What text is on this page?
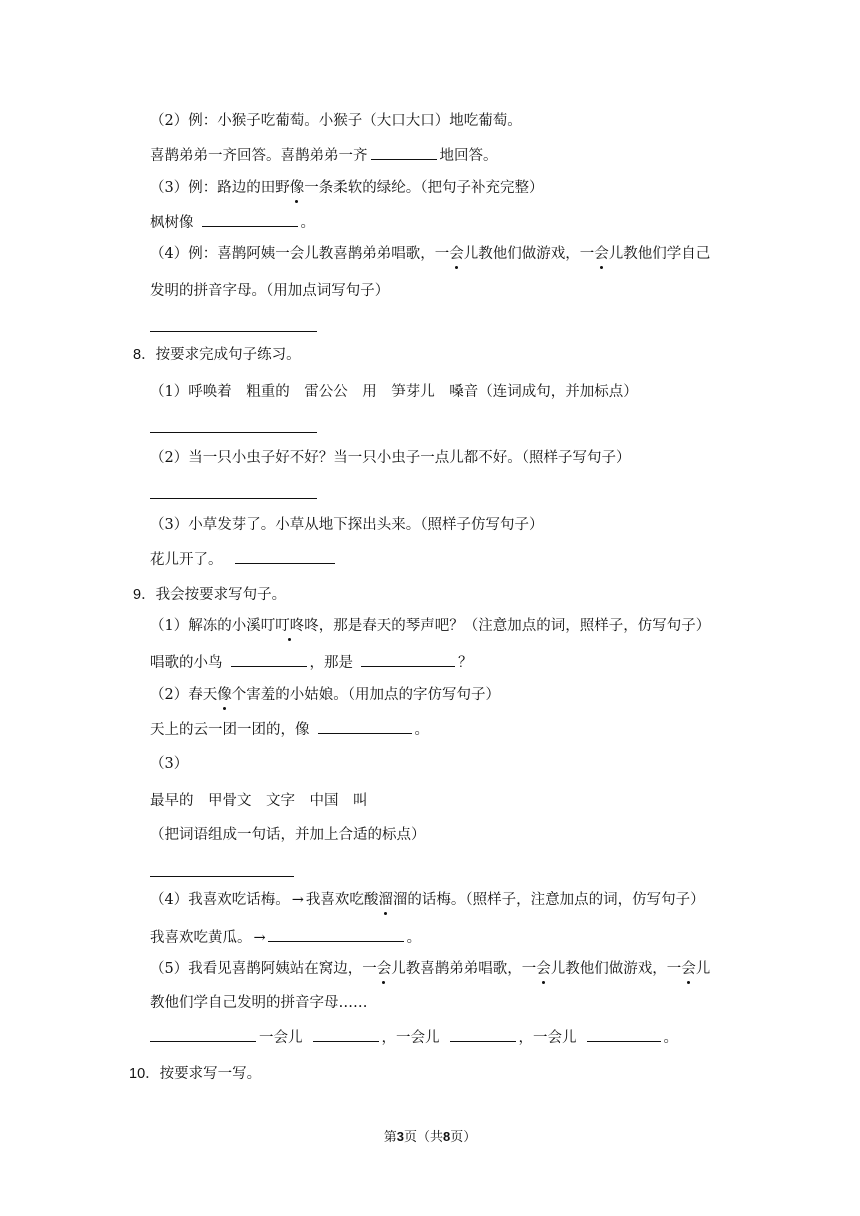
（2）例：小猴子吃葡萄。小猴子（大口大口）地吃葡萄。
喜鹊弟弟一齐回答。喜鹊弟弟一齐	地回答。
（3）例：路边的田野像一条柔软的绿纶。（把句子补充完整）
枫树像	。
（4）例：喜鹊阿姨一会儿教喜鹊弟弟唱歌，一会儿教他们做游戏，一会儿教他们学自己
发明的拼音字母。（用加点词写句子）
8．按要求完成句子练习。
（1）呼唤着　粗重的　雷公公　用　笋芽儿　嗓音（连词成句，并加标点）
（2）当一只小虫子好不好？当一只小虫子一点儿都不好。（照样子写句子）
（3）小草发芽了。小草从地下探出头来。（照样子仿写句子）
花儿开了。
9．我会按要求写句子。
（1）解冻的小溪叮叮咚咚，那是春天的琴声吧？（注意加点的词，照样子，仿写句子）
唱歌的小鸟	，那是	？
（2）春天像个害羞的小姑娘。（用加点的字仿写句子）
天上的云一团一团的，像	。
（3）
最早的　甲骨文　文字　中国　叫
（把词语组成一句话，并加上合适的标点）
（4）我喜欢吃话梅。 → 我喜欢吃酸溜溜的话梅。（照样子，注意加点的词，仿写句子）
我喜欢吃黄瓜。 →	。
（5）我看见喜鹊阿姨站在窝边，一会儿教喜鹊弟弟唱歌，一会儿教他们做游戏，一会儿
教他们学自己发明的拼音字母……
一会儿	，一会儿	，一会儿	。
10．按要求写一写。
第3页（共8页）
